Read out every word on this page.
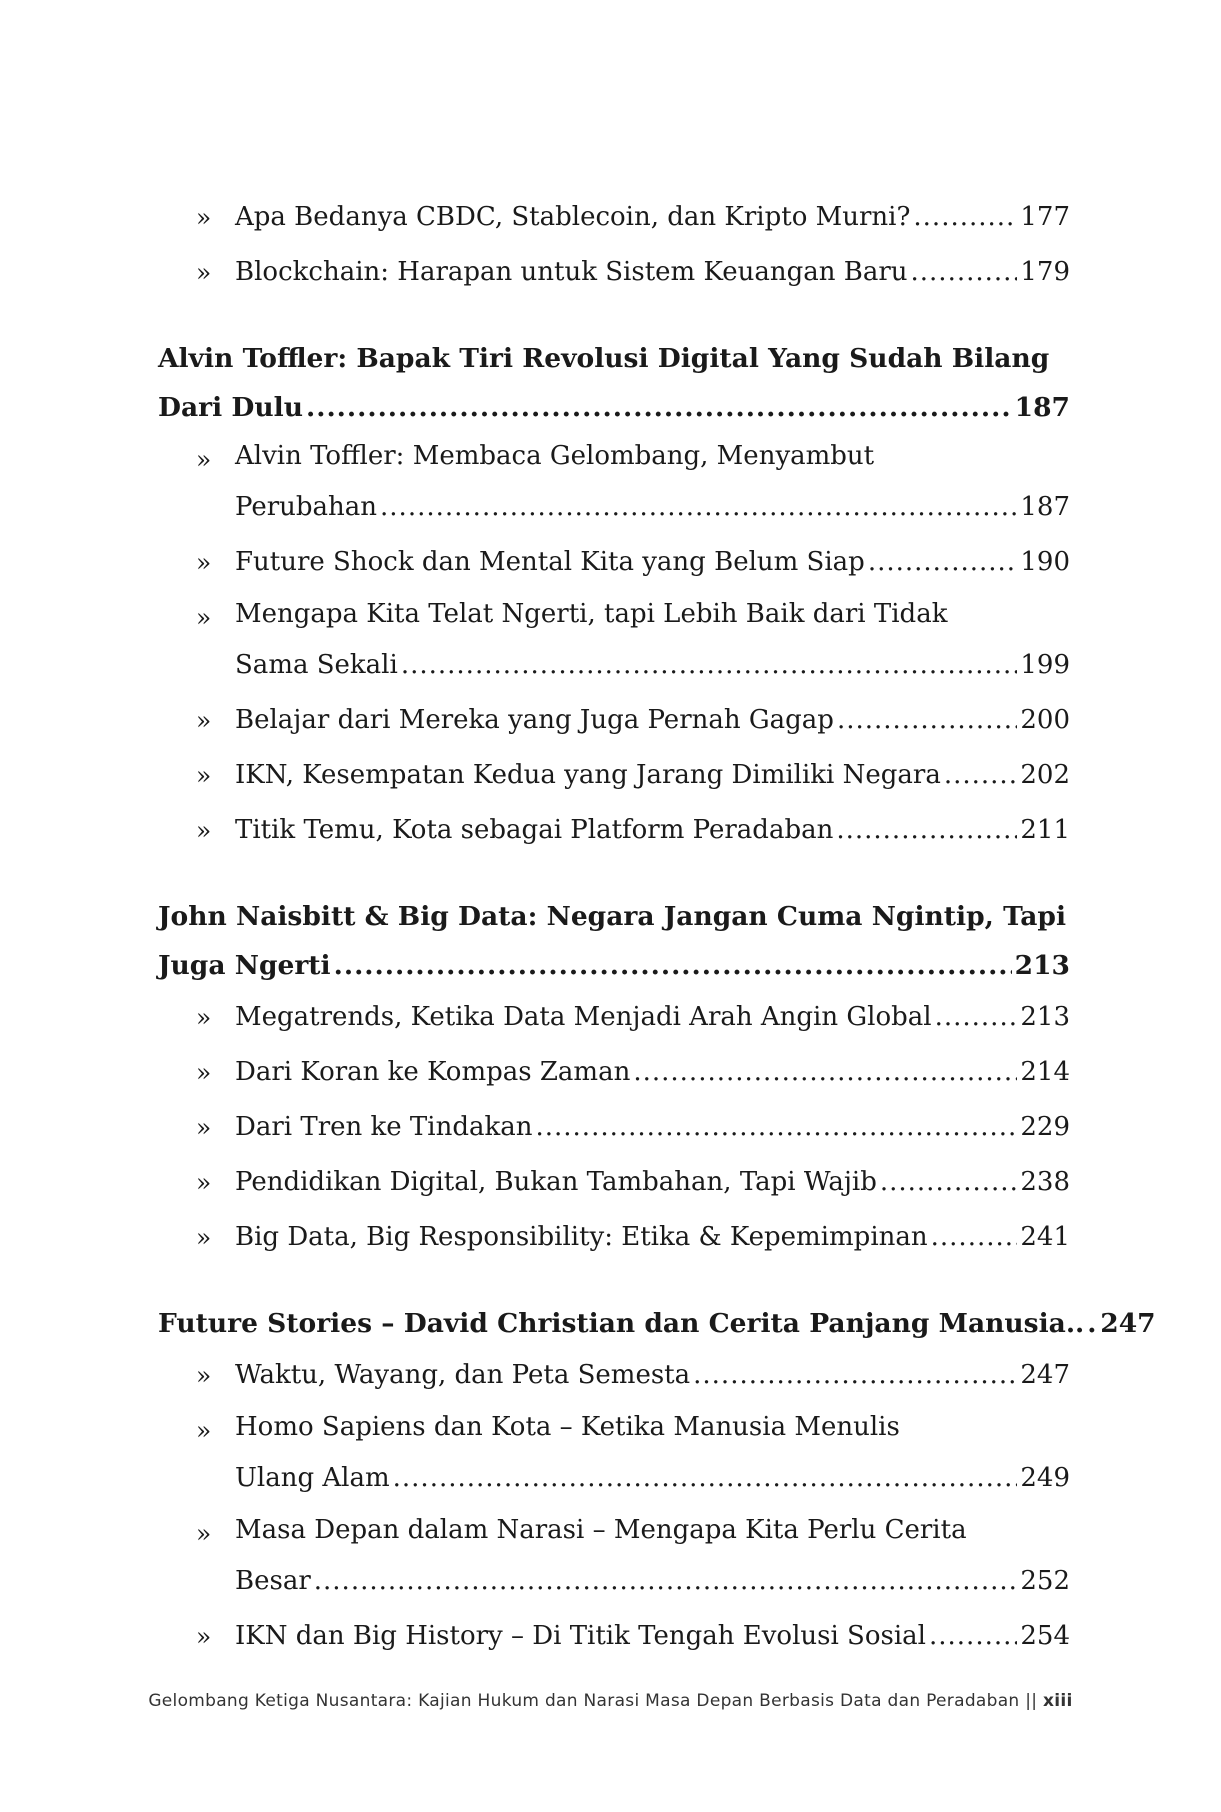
» Apa Bedanya CBDC, Stablecoin, dan Kripto Murni? .....	177
» Blockchain: Harapan untuk Sistem Keuangan Baru .....	179
Alvin Toffler: Bapak Tiri Revolusi Digital Yang Sudah Bilang
Dari Dulu .....	187
» Alvin Toffler: Membaca Gelombang, Menyambut
Perubahan .....	187
» Future Shock dan Mental Kita yang Belum Siap .....	190
» Mengapa Kita Telat Ngerti, tapi Lebih Baik dari Tidak
Sama Sekali .....	199
» Belajar dari Mereka yang Juga Pernah Gagap .....	200
» IKN, Kesempatan Kedua yang Jarang Dimiliki Negara .....	202
» Titik Temu, Kota sebagai Platform Peradaban .....	211
John Naisbitt & Big Data: Negara Jangan Cuma Ngintip, Tapi
Juga Ngerti .....	213
» Megatrends, Ketika Data Menjadi Arah Angin Global .....	213
» Dari Koran ke Kompas Zaman .....	214
» Dari Tren ke Tindakan .....	229
» Pendidikan Digital, Bukan Tambahan, Tapi Wajib .....	238
» Big Data, Big Responsibility: Etika & Kepemimpinan .....	241
Future Stories – David Christian dan Cerita Panjang Manusia.. ..... 247
» Waktu, Wayang, dan Peta Semesta .....	247
» Homo Sapiens dan Kota – Ketika Manusia Menulis
Ulang Alam .....	249
» Masa Depan dalam Narasi – Mengapa Kita Perlu Cerita
Besar .....	252
» IKN dan Big History – Di Titik Tengah Evolusi Sosial .....	254
Gelombang Ketiga Nusantara: Kajian Hukum dan Narasi Masa Depan Berbasis Data dan Peradaban || xiii
